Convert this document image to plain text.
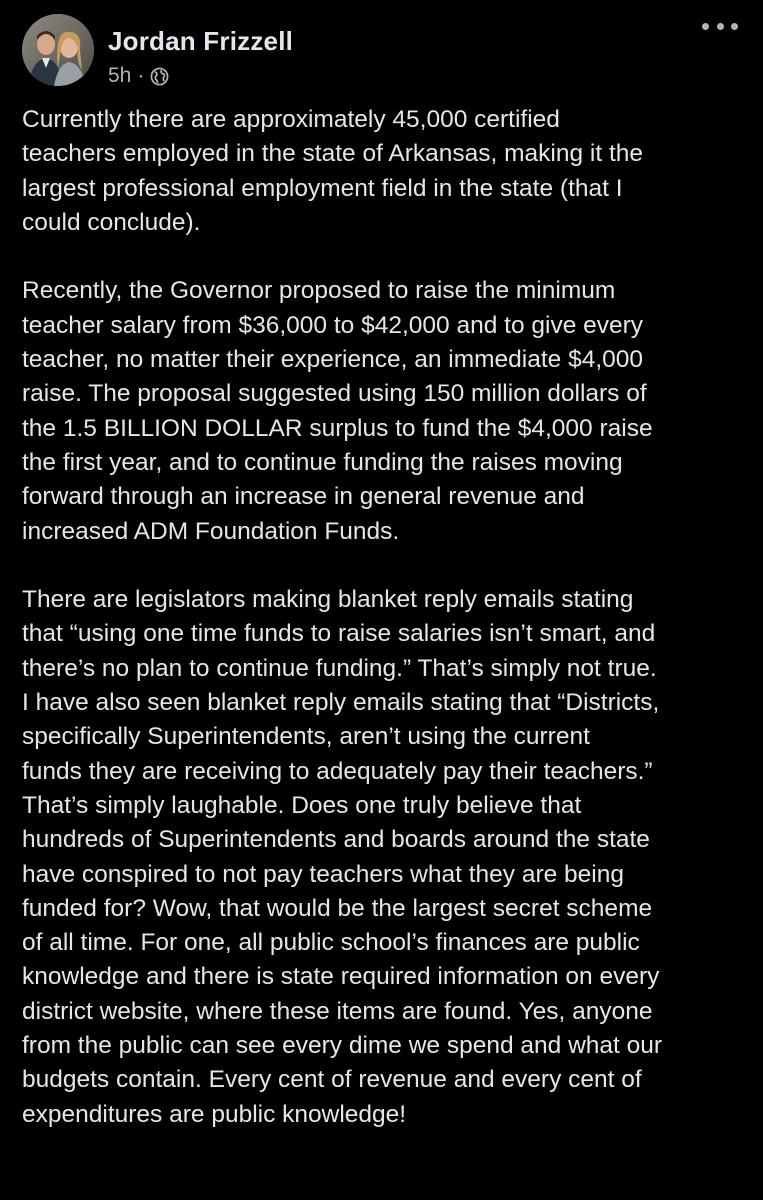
Jordan Frizzell
5h ·

Currently there are approximately 45,000 certified
teachers employed in the state of Arkansas, making it the
largest professional employment field in the state (that I
could conclude).

Recently, the Governor proposed to raise the minimum
teacher salary from $36,000 to $42,000 and to give every
teacher, no matter their experience, an immediate $4,000
raise. The proposal suggested using 150 million dollars of
the 1.5 BILLION DOLLAR surplus to fund the $4,000 raise
the first year, and to continue funding the raises moving
forward through an increase in general revenue and
increased ADM Foundation Funds.

There are legislators making blanket reply emails stating
that “using one time funds to raise salaries isn’t smart, and
there’s no plan to continue funding.” That’s simply not true.
I have also seen blanket reply emails stating that “Districts,
specifically Superintendents, aren’t using the current
funds they are receiving to adequately pay their teachers.”
That’s simply laughable. Does one truly believe that
hundreds of Superintendents and boards around the state
have conspired to not pay teachers what they are being
funded for? Wow, that would be the largest secret scheme
of all time. For one, all public school’s finances are public
knowledge and there is state required information on every
district website, where these items are found. Yes, anyone
from the public can see every dime we spend and what our
budgets contain. Every cent of revenue and every cent of
expenditures are public knowledge!
